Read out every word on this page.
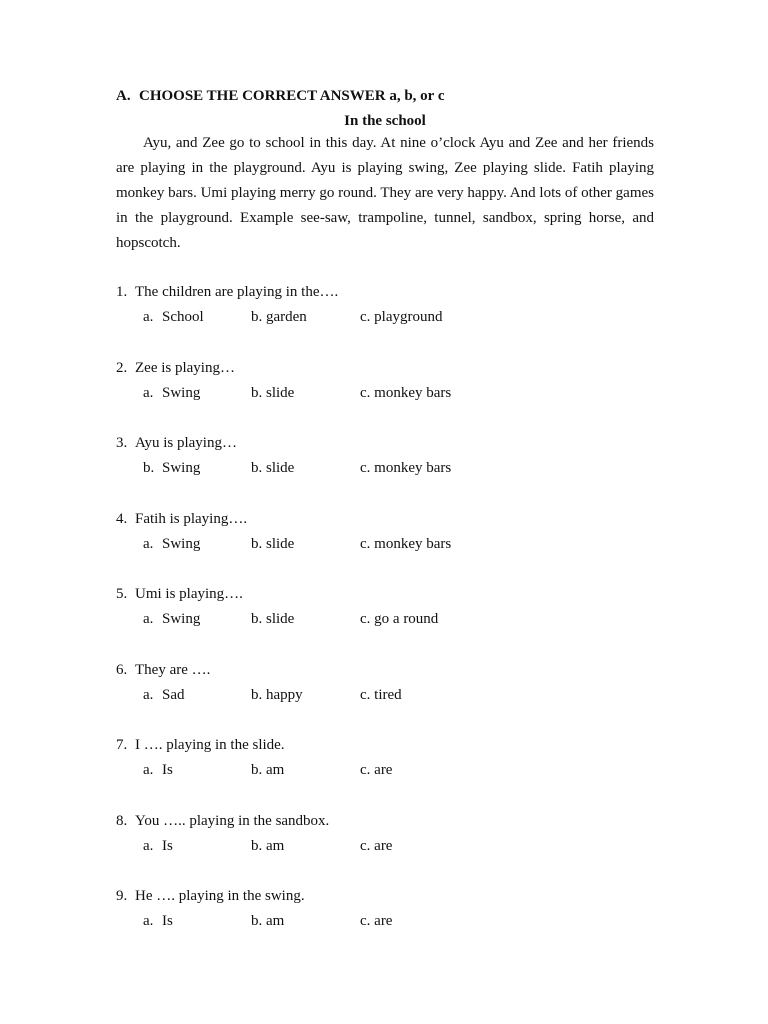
A. CHOOSE THE CORRECT ANSWER a, b, or c

In the school

Ayu, and Zee go to school in this day. At nine o’clock Ayu and Zee and her friends are playing in the playground. Ayu is playing swing, Zee playing slide. Fatih playing monkey bars. Umi playing merry go round. They are very happy. And lots of other games in the playground. Example see-saw, trampoline, tunnel, sandbox, spring horse, and hopscotch.

1. The children are playing in the….
a. School	b. garden	c. playground
2. Zee is playing…
a. Swing	b. slide	c. monkey bars
3. Ayu is playing…
b. Swing	b. slide	c. monkey bars
4. Fatih is playing….
a. Swing	b. slide	c. monkey bars
5. Umi is playing….
a. Swing	b. slide	c. go a round
6. They are ….
a. Sad	b. happy	c. tired
7. I …. playing in the slide.
a. Is	b. am	c. are
8. You ….. playing in the sandbox.
a. Is	b. am	c. are
9. He …. playing in the swing.
a. Is	b. am	c. are
